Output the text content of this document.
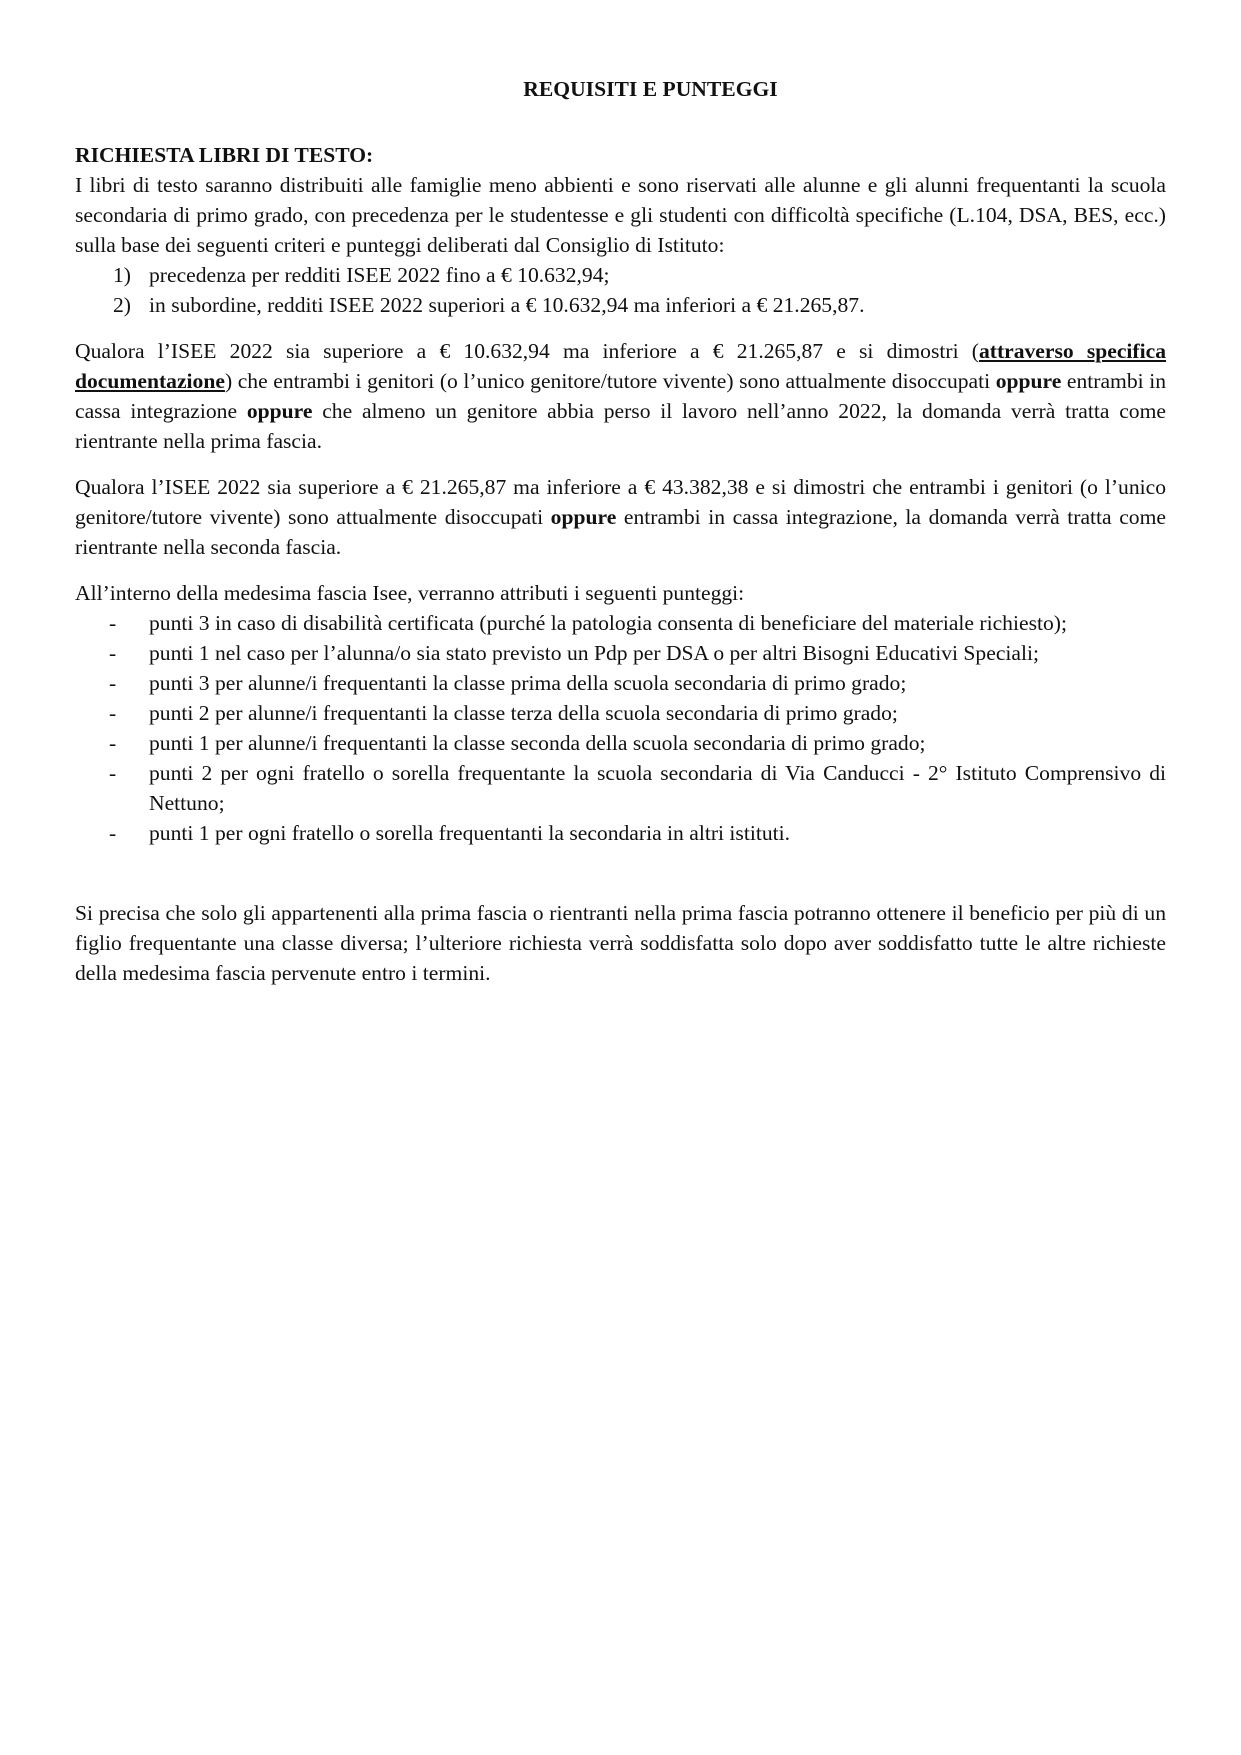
REQUISITI E PUNTEGGI
RICHIESTA LIBRI DI TESTO:

I libri di testo saranno distribuiti alle famiglie meno abbienti e sono riservati alle alunne e gli alunni frequentanti la scuola secondaria di primo grado, con precedenza per le studentesse e gli studenti con difficoltà specifiche (L.104, DSA, BES, ecc.) sulla base dei seguenti criteri e punteggi deliberati dal Consiglio di Istituto:

1) precedenza per redditi ISEE 2022 fino a € 10.632,94;
2) in subordine, redditi ISEE 2022 superiori a € 10.632,94 ma inferiori a € 21.265,87.

Qualora l’ISEE 2022 sia superiore a € 10.632,94 ma inferiore a € 21.265,87 e si dimostri (attraverso specifica documentazione) che entrambi i genitori (o l’unico genitore/tutore vivente) sono attualmente disoccupati oppure entrambi in cassa integrazione oppure che almeno un genitore abbia perso il lavoro nell’anno 2022, la domanda verrà tratta come rientrante nella prima fascia.

Qualora l’ISEE 2022 sia superiore a € 21.265,87 ma inferiore a € 43.382,38 e si dimostri che entrambi i genitori (o l’unico genitore/tutore vivente) sono attualmente disoccupati oppure entrambi in cassa integrazione, la domanda verrà tratta come rientrante nella seconda fascia.

All’interno della medesima fascia Isee, verranno attributi i seguenti punteggi:

- punti 3 in caso di disabilità certificata (purché la patologia consenta di beneficiare del materiale richiesto);
- punti 1 nel caso per l’alunna/o sia stato previsto un Pdp per DSA o per altri Bisogni Educativi Speciali;
- punti 3 per alunne/i frequentanti la classe prima della scuola secondaria di primo grado;
- punti 2 per alunne/i frequentanti la classe terza della scuola secondaria di primo grado;
- punti 1 per alunne/i frequentanti la classe seconda della scuola secondaria di primo grado;
- punti 2 per ogni fratello o sorella frequentante la scuola secondaria di Via Canducci - 2° Istituto Comprensivo di Nettuno;
- punti 1 per ogni fratello o sorella frequentanti la secondaria in altri istituti.

Si precisa che solo gli appartenenti alla prima fascia o rientranti nella prima fascia potranno ottenere il beneficio per più di un figlio frequentante una classe diversa; l’ulteriore richiesta verrà soddisfatta solo dopo aver soddisfatto tutte le altre richieste della medesima fascia pervenute entro i termini.
